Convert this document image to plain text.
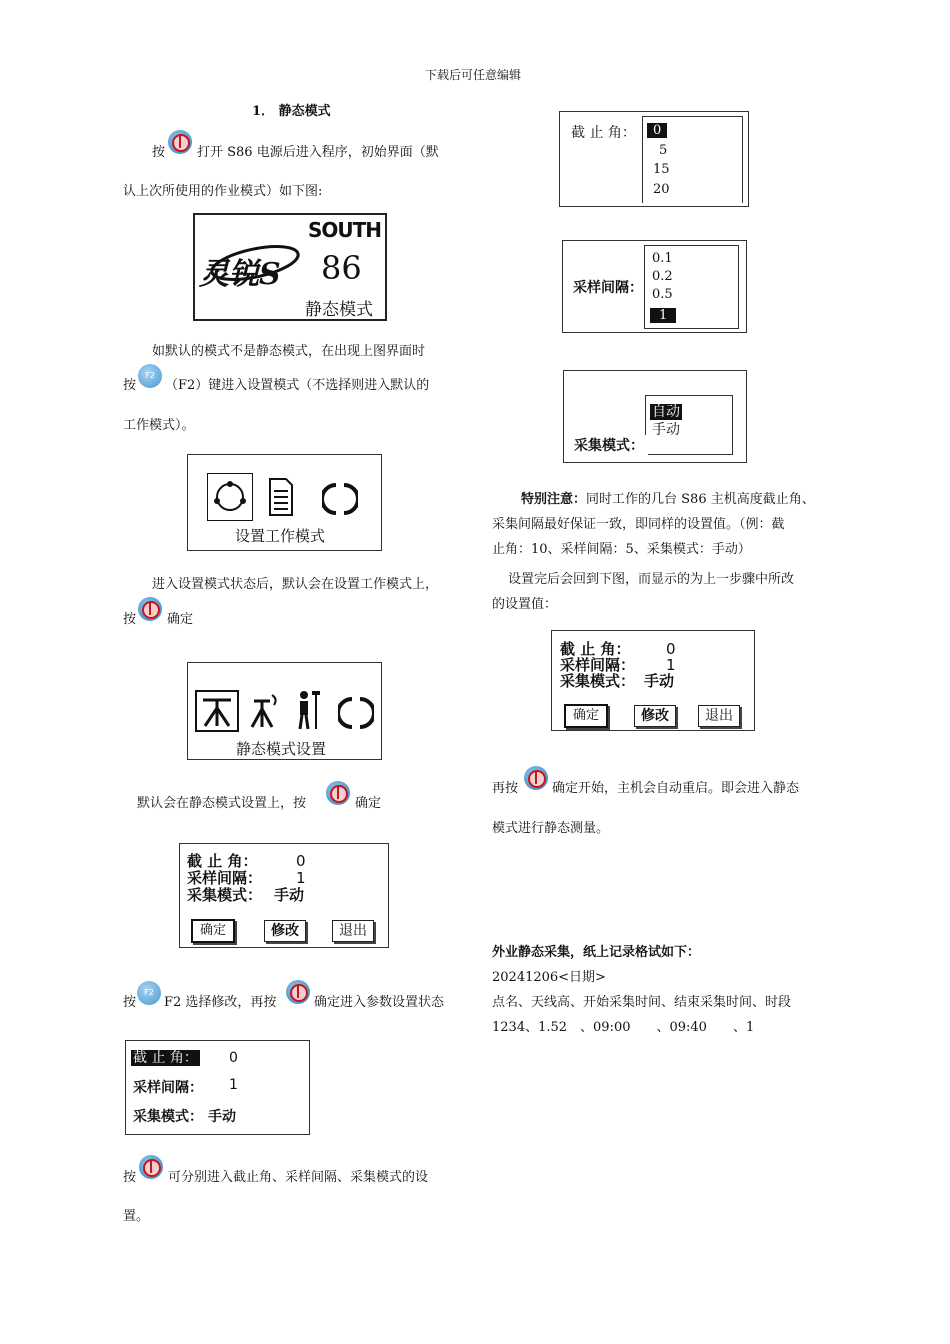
下载后可任意编辑
1． 静态模式
按 打开 S86 电源后进入程序，初始界面（默
认上次所使用的作业模式）如下图:
SOUTH
灵锐S 86
静态模式
如默认的模式不是静态模式，在出现上图界面时
按
F2
（F2）键进入设置模式（不选择则进入默认的
工作模式）。
设置工作模式
进入设置模式状态后，默认会在设置工作模式上，
按 确定
静态模式设置
默认会在静态模式设置上，按	确定
截 止 角：	0
采样间隔： 1
采集模式： 手动
确定	修改	退出
按
F2
F2 选择修改，再按	确定进入参数设置状态
截 止 角： 0
采样间隔： 1
采集模式： 手动
按 可分别进入截止角、采样间隔、采集模式的设
置。
截 止 角：	0
5
15
20
采样间隔：
0.1
0.2
0.5
1
自动
手动
采集模式：
特别注意：同时工作的几台 S86 主机高度截止角、
采集间隔最好保证一致，即同样的设置值。（例：截
止角：10、采样间隔：5、采集模式：手动）
设置完后会回到下图，而显示的为上一步骤中所改
的设置值：
截 止 角： 0
采样间隔： 1
采集模式： 手动
确定	修改	退出
再按	确定开始，主机会自动重启。即会进入静态
模式进行静态测量。
外业静态采集，纸上记录格试如下：
20241206<日期>
点名、天线高、开始采集时间、结束采集时间、时段
1234、1.52　、09:00　　、09:40　　、1
